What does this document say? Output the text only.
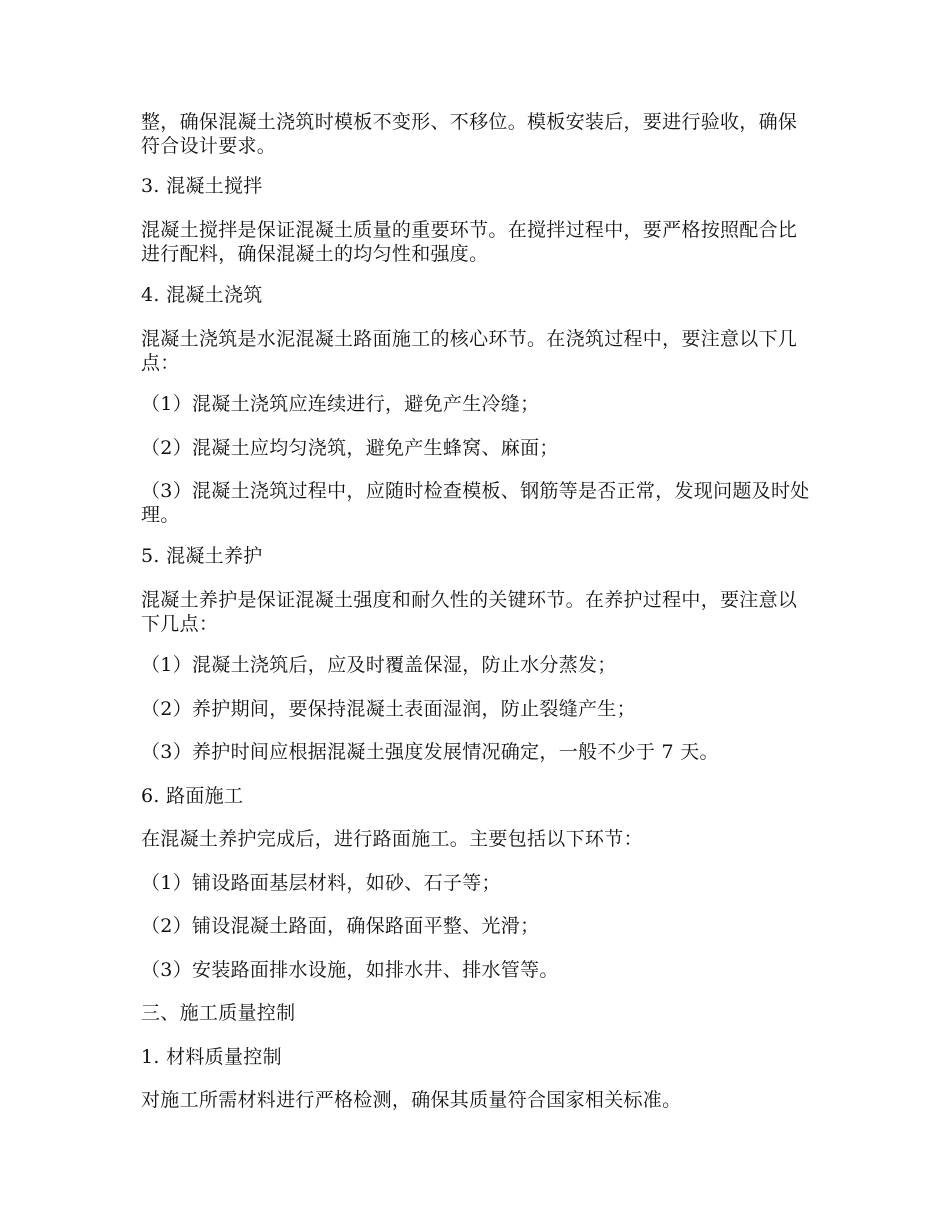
整，确保混凝土浇筑时模板不变形、不移位。模板安装后，要进行验收，确保符合设计要求。

3. 混凝土搅拌

混凝土搅拌是保证混凝土质量的重要环节。在搅拌过程中，要严格按照配合比进行配料，确保混凝土的均匀性和强度。

4. 混凝土浇筑

混凝土浇筑是水泥混凝土路面施工的核心环节。在浇筑过程中，要注意以下几点：

（1）混凝土浇筑应连续进行，避免产生冷缝；

（2）混凝土应均匀浇筑，避免产生蜂窝、麻面；

（3）混凝土浇筑过程中，应随时检查模板、钢筋等是否正常，发现问题及时处理。

5. 混凝土养护

混凝土养护是保证混凝土强度和耐久性的关键环节。在养护过程中，要注意以下几点：

（1）混凝土浇筑后，应及时覆盖保湿，防止水分蒸发；

（2）养护期间，要保持混凝土表面湿润，防止裂缝产生；

（3）养护时间应根据混凝土强度发展情况确定，一般不少于 7 天。

6. 路面施工

在混凝土养护完成后，进行路面施工。主要包括以下环节：

（1）铺设路面基层材料，如砂、石子等；

（2）铺设混凝土路面，确保路面平整、光滑；

（3）安装路面排水设施，如排水井、排水管等。

三、施工质量控制

1. 材料质量控制

对施工所需材料进行严格检测，确保其质量符合国家相关标准。
